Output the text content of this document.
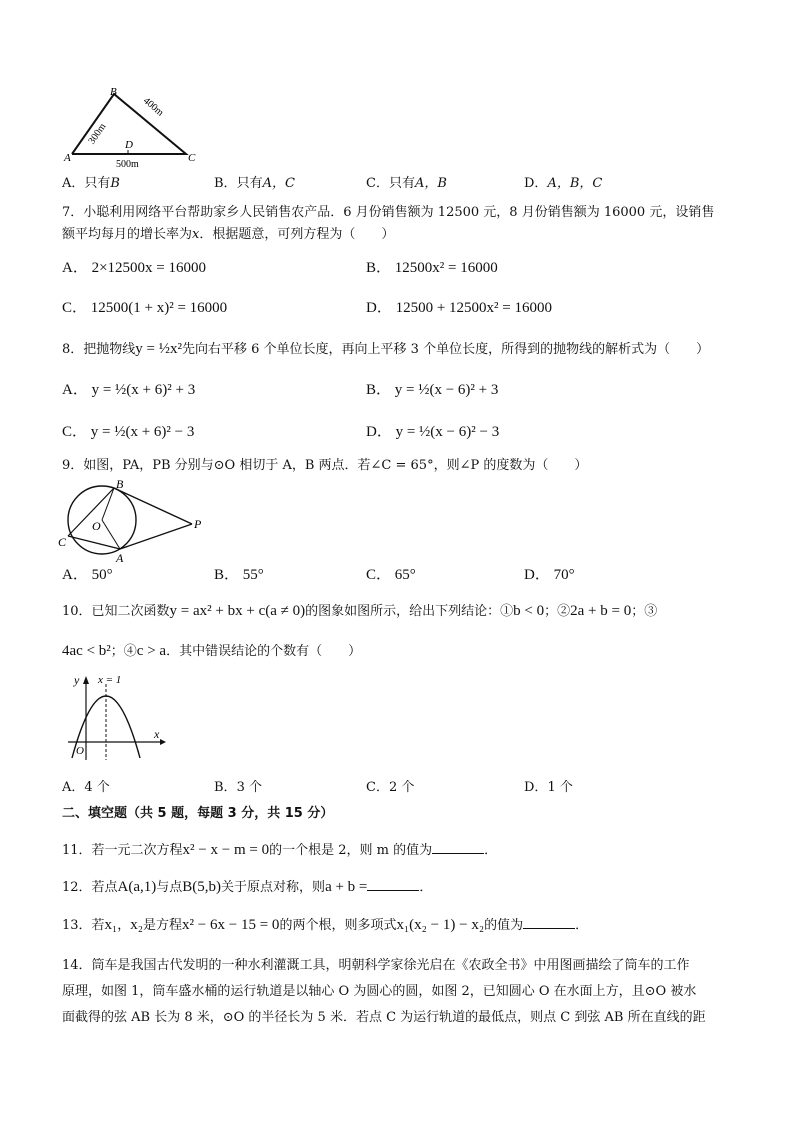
A
B
C
D
300m
400m
500m
A．只有B	B．只有A，C	C．只有A，B	D．A，B，C
7．小聪利用网络平台帮助家乡人民销售农产品．6 月份销售额为 12500 元，8 月份销售额为 16000 元，设销售
额平均每月的增长率为x．根据题意，可列方程为（　　）
A． 2×12500x = 16000	B． 12500x² = 16000
C． 12500(1 + x)² = 16000	D． 12500 + 12500x² = 16000
8．把抛物线y = ½x²先向右平移 6 个单位长度，再向上平移 3 个单位长度，所得到的抛物线的解析式为（　　）
A． y = ½(x + 6)² + 3	B． y = ½(x − 6)² + 3
C． y = ½(x + 6)² − 3	D． y = ½(x − 6)² − 3
9．如图，PA，PB 分别与⊙O 相切于 A，B 两点．若∠C = 65°，则∠P 的度数为（　　）
B
O	P
C
A
A． 50°	B． 55°	C． 65°	D． 70°
10．已知二次函数y = ax² + bx + c(a ≠ 0)的图象如图所示，给出下列结论：①b < 0；②2a + b = 0；③
4ac < b²；④c > a．其中错误结论的个数有（　　）
y
x
O
x = 1
A．4 个	B．3 个	C．2 个	D．1 个
二、填空题（共 5 题，每题 3 分，共 15 分）
11．若一元二次方程x² − x − m = 0的一个根是 2，则 m 的值为	．
12．若点A(a,1)与点B(5,b)关于原点对称，则a + b =	．
13．若x₁，x₂是方程x² − 6x − 15 = 0的两个根，则多项式x₁(x₂ − 1) − x₂的值为	．
14．筒车是我国古代发明的一种水利灌溉工具，明朝科学家徐光启在《农政全书》中用图画描绘了筒车的工作
原理，如图 1，筒车盛水桶的运行轨道是以轴心 O 为圆心的圆，如图 2，已知圆心 O 在水面上方，且⊙O 被水
面截得的弦 AB 长为 8 米，⊙O 的半径长为 5 米．若点 C 为运行轨道的最低点，则点 C 到弦 AB 所在直线的距
